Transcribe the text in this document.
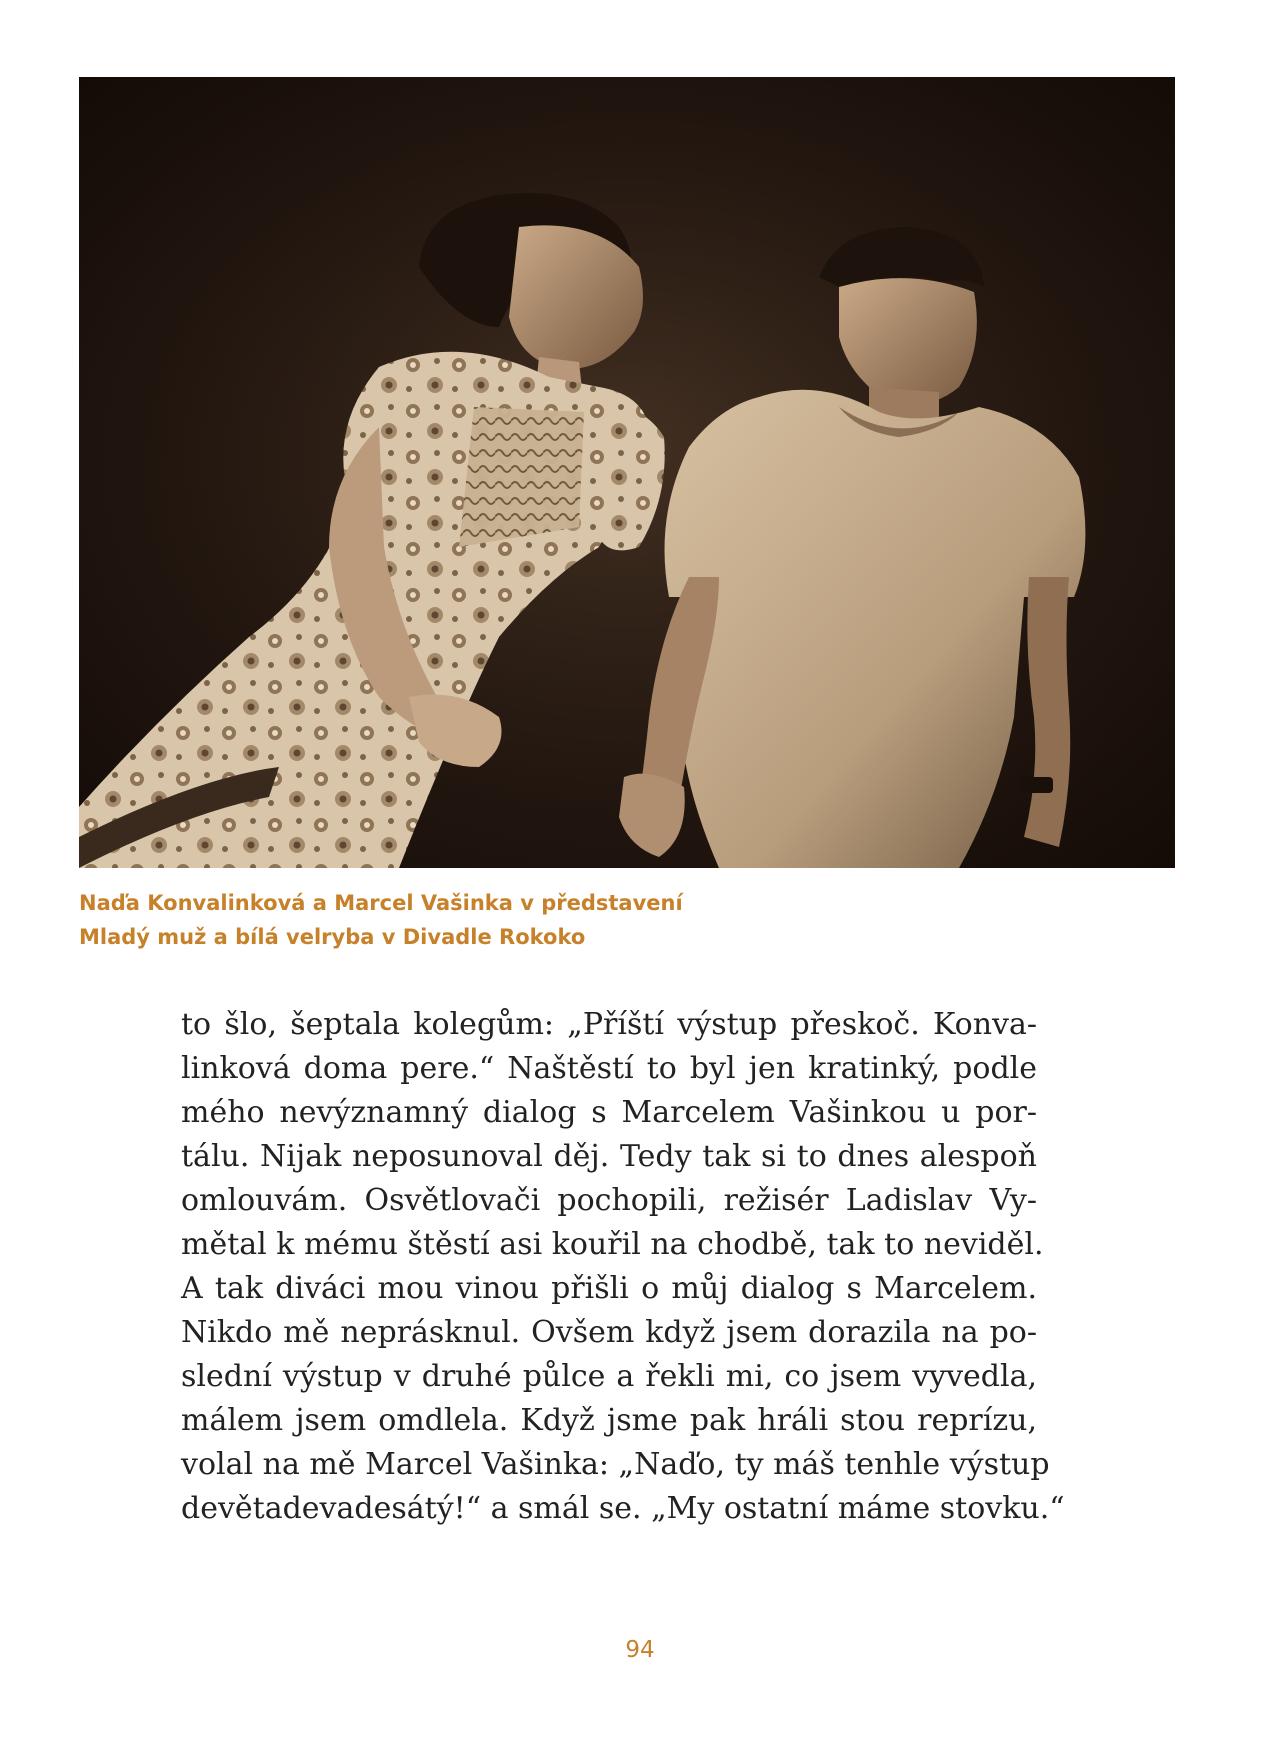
Naďa Konvalinková a Marcel Vašinka v představení
Mladý muž a bílá velryba v Divadle Rokoko
to šlo, šeptala kolegům: „Příští výstup přeskoč. Konva-
linková doma pere.“ Naštěstí to byl jen kratinký, podle
mého nevýznamný dialog s Marcelem Vašinkou u por-
tálu. Nijak neposunoval děj. Tedy tak si to dnes alespoň
omlouvám. Osvětlovači pochopili, režisér Ladislav Vy-
mětal k mému štěstí asi kouřil na chodbě, tak to neviděl.
A tak diváci mou vinou přišli o můj dialog s Marcelem.
Nikdo mě neprásknul. Ovšem když jsem dorazila na po-
slední výstup v druhé půlce a řekli mi, co jsem vyvedla,
málem jsem omdlela. Když jsme pak hráli stou reprízu,
volal na mě Marcel Vašinka: „Naďo, ty máš tenhle výstup
devětadevadesátý!“ a smál se. „My ostatní máme stovku.“
94
